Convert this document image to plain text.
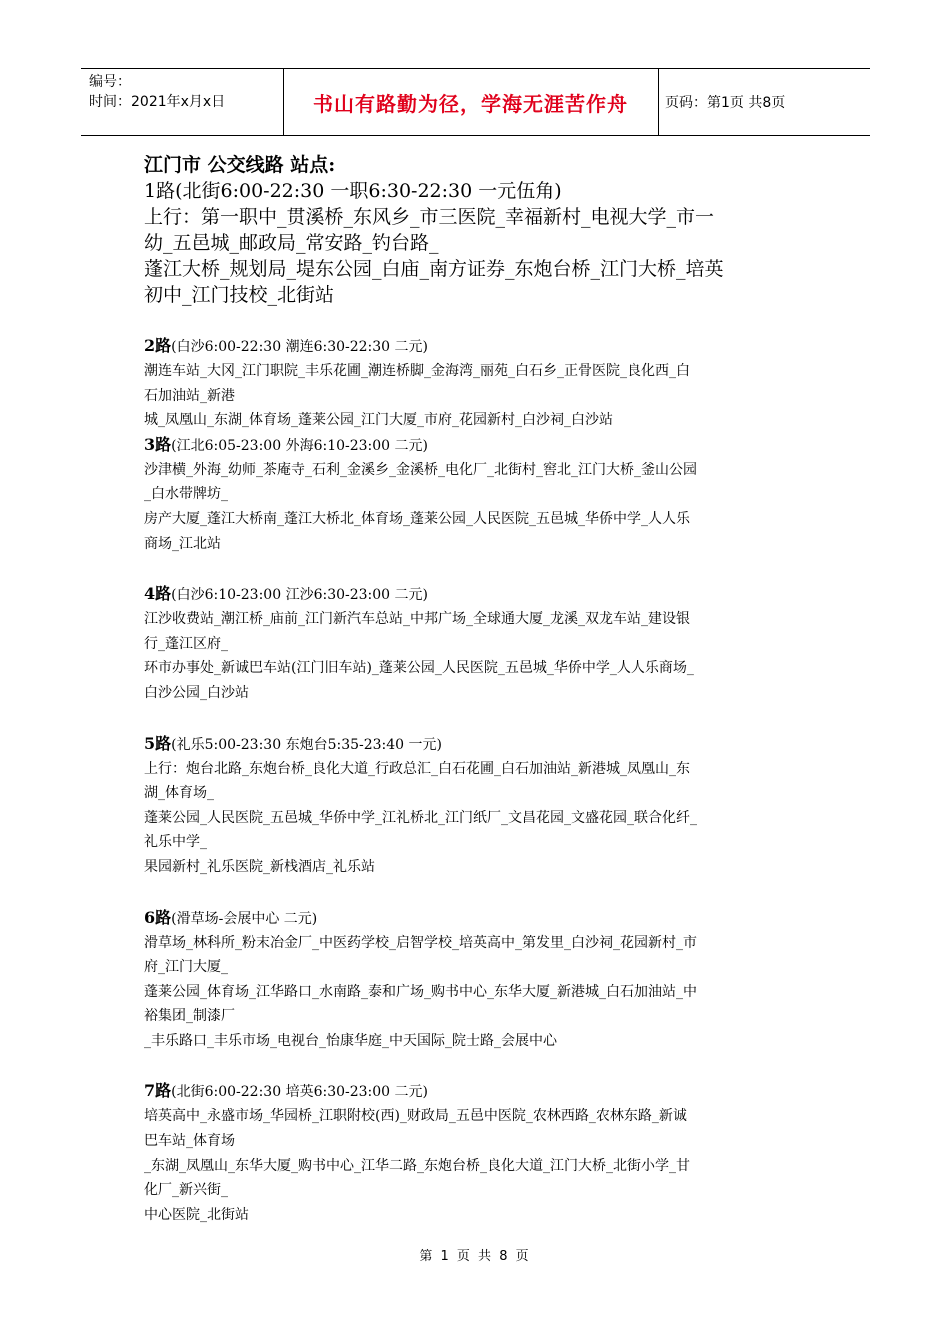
编号：
时间：2021年x月x日	书山有路勤为径，学海无涯苦作舟	页码：第1页 共8页

江门市 公交线路 站点:

1路(北街6:00-22:30 一职6:30-22:30 一元伍角)

上行：第一职中_贯溪桥_东风乡_市三医院_幸福新村_电视大学_市一

幼_五邑城_邮政局_常安路_钓台路_

蓬江大桥_规划局_堤东公园_白庙_南方证券_东炮台桥_江门大桥_培英

初中_江门技校_北街站

2路(白沙6:00-22:30 潮连6:30-22:30 二元)

潮连车站_大冈_江门职院_丰乐花圃_潮连桥脚_金海湾_丽苑_白石乡_正骨医院_良化西_白

石加油站_新港

城_凤凰山_东湖_体育场_蓬莱公园_江门大厦_市府_花园新村_白沙祠_白沙站

3路(江北6:05-23:00 外海6:10-23:00 二元)

沙津横_外海_幼师_茶庵寺_石利_金溪乡_金溪桥_电化厂_北街村_窖北_江门大桥_釜山公园

_白水带牌坊_

房产大厦_蓬江大桥南_蓬江大桥北_体育场_蓬莱公园_人民医院_五邑城_华侨中学_人人乐

商场_江北站

4路(白沙6:10-23:00 江沙6:30-23:00 二元)

江沙收费站_潮江桥_庙前_江门新汽车总站_中邦广场_全球通大厦_龙溪_双龙车站_建设银

行_蓬江区府_

环市办事处_新诚巴车站(江门旧车站)_蓬莱公园_人民医院_五邑城_华侨中学_人人乐商场_

白沙公园_白沙站

5路(礼乐5:00-23:30 东炮台5:35-23:40 一元)

上行：炮台北路_东炮台桥_良化大道_行政总汇_白石花圃_白石加油站_新港城_凤凰山_东

湖_体育场_

蓬莱公园_人民医院_五邑城_华侨中学_江礼桥北_江门纸厂_文昌花园_文盛花园_联合化纤_

礼乐中学_

果园新村_礼乐医院_新栈酒店_礼乐站

6路(滑草场-会展中心 二元)

滑草场_林科所_粉末冶金厂_中医药学校_启智学校_培英高中_第发里_白沙祠_花园新村_市

府_江门大厦_

蓬莱公园_体育场_江华路口_水南路_泰和广场_购书中心_东华大厦_新港城_白石加油站_中

裕集团_制漆厂

_丰乐路口_丰乐市场_电视台_怡康华庭_中天国际_院士路_会展中心

7路(北街6:00-22:30 培英6:30-23:00 二元)

培英高中_永盛市场_华园桥_江职附校(西)_财政局_五邑中医院_农林西路_农林东路_新诚

巴车站_体育场

_东湖_凤凰山_东华大厦_购书中心_江华二路_东炮台桥_良化大道_江门大桥_北街小学_甘

化厂_新兴街_

中心医院_北街站

第 1 页 共 8 页
